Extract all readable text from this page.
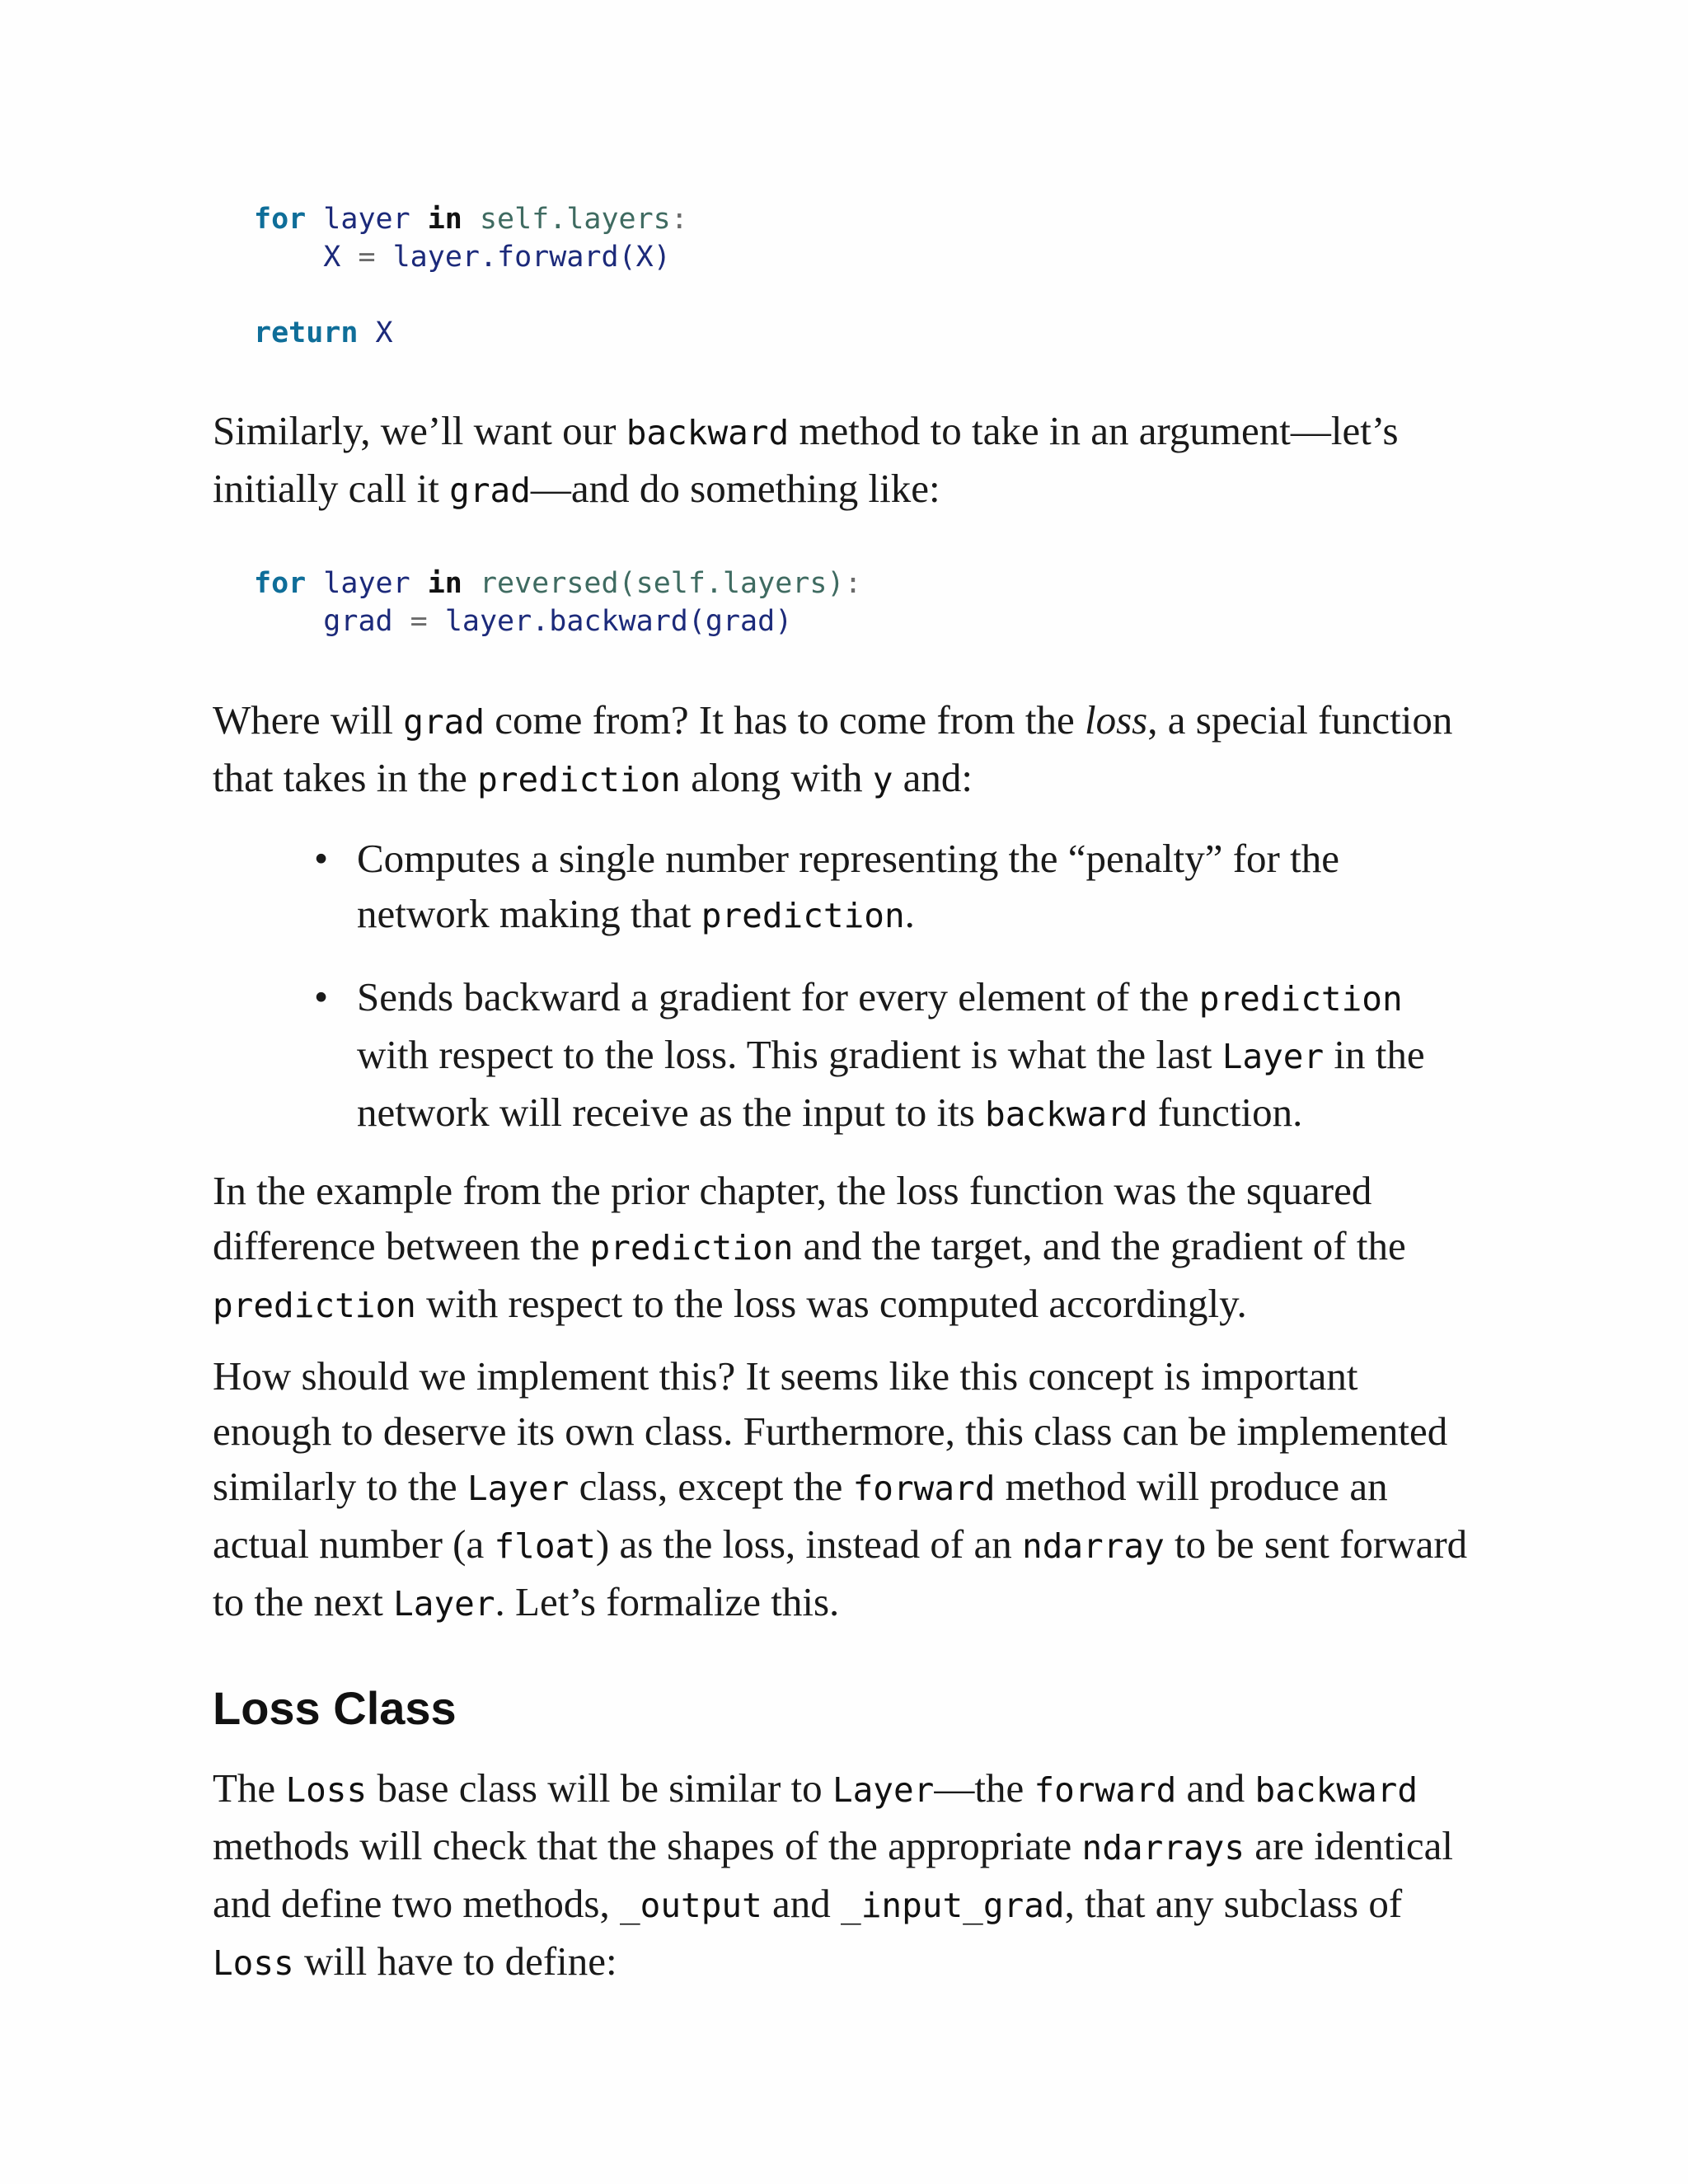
for layer in self.layers:
X = layer.forward(X)

return X

Similarly, we’ll want our backward method to take in an argument—let’s initially call it grad—and do something like:

for layer in reversed(self.layers):
grad = layer.backward(grad)

Where will grad come from? It has to come from the loss, a special function that takes in the prediction along with y and:

• Computes a single number representing the “penalty” for the network making that prediction.

• Sends backward a gradient for every element of the prediction with respect to the loss. This gradient is what the last Layer in the network will receive as the input to its backward function.

In the example from the prior chapter, the loss function was the squared difference between the prediction and the target, and the gradient of the prediction with respect to the loss was computed accordingly.

How should we implement this? It seems like this concept is important enough to deserve its own class. Furthermore, this class can be implemented similarly to the Layer class, except the forward method will produce an actual number (a float) as the loss, instead of an ndarray to be sent forward to the next Layer. Let’s formalize this.

Loss Class

The Loss base class will be similar to Layer—the forward and backward methods will check that the shapes of the appropriate ndarrays are identical and define two methods, _output and _input_grad, that any subclass of Loss will have to define:
